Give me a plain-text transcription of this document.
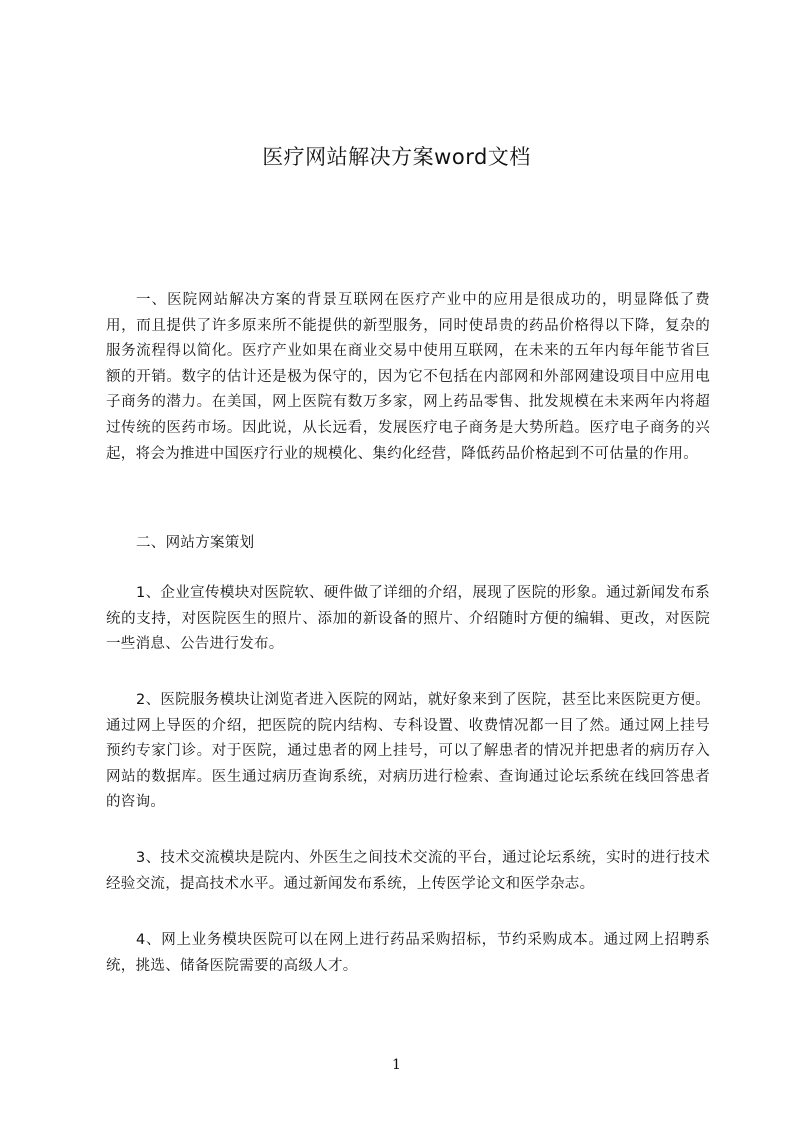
医疗网站解决方案word文档

一、医院网站解决方案的背景互联网在医疗产业中的应用是很成功的，明显降低了费用，而且提供了许多原来所不能提供的新型服务，同时使昂贵的药品价格得以下降，复杂的服务流程得以简化。医疗产业如果在商业交易中使用互联网，在未来的五年内每年能节省巨额的开销。数字的估计还是极为保守的，因为它不包括在内部网和外部网建设项目中应用电子商务的潜力。在美国，网上医院有数万多家，网上药品零售、批发规模在未来两年内将超过传统的医药市场。因此说，从长远看，发展医疗电子商务是大势所趋。医疗电子商务的兴起，将会为推进中国医疗行业的规模化、集约化经营，降低药品价格起到不可估量的作用。

二、网站方案策划

1、企业宣传模块对医院软、硬件做了详细的介绍，展现了医院的形象。通过新闻发布系统的支持，对医院医生的照片、添加的新设备的照片、介绍随时方便的编辑、更改，对医院一些消息、公告进行发布。

2、医院服务模块让浏览者进入医院的网站，就好象来到了医院，甚至比来医院更方便。通过网上导医的介绍，把医院的院内结构、专科设置、收费情况都一目了然。通过网上挂号预约专家门诊。对于医院，通过患者的网上挂号，可以了解患者的情况并把患者的病历存入网站的数据库。医生通过病历查询系统，对病历进行检索、查询通过论坛系统在线回答患者的咨询。

3、技术交流模块是院内、外医生之间技术交流的平台，通过论坛系统，实时的进行技术经验交流，提高技术水平。通过新闻发布系统，上传医学论文和医学杂志。

4、网上业务模块医院可以在网上进行药品采购招标，节约采购成本。通过网上招聘系统，挑选、储备医院需要的高级人才。

1
